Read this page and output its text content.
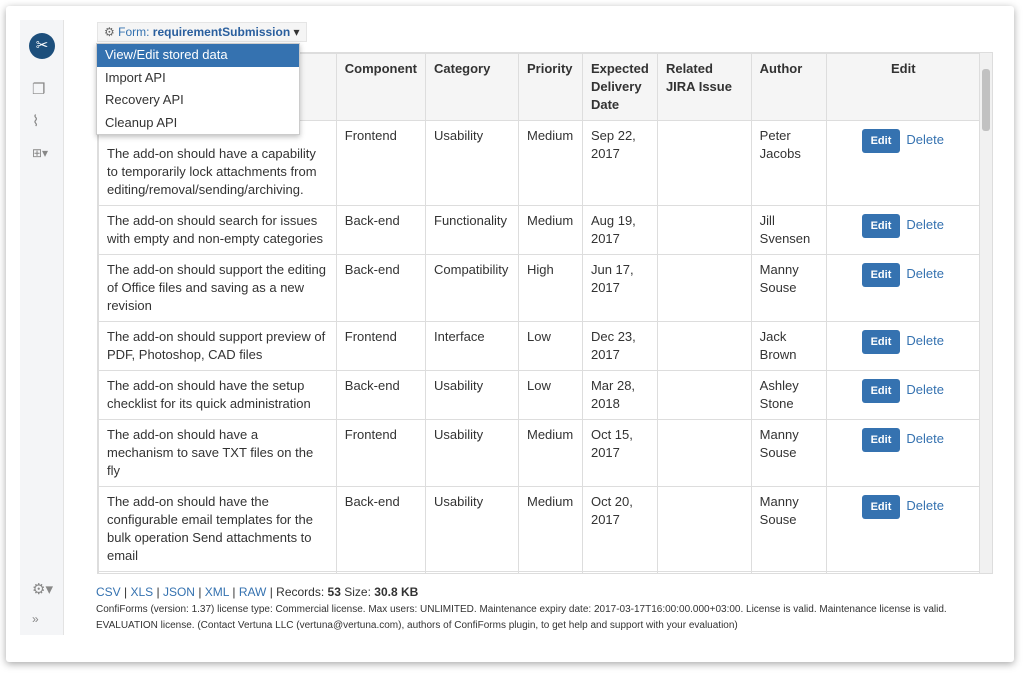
✂
❐
⌇
⊞▾
⚙▾
»
⚙ Form: requirementSubmission ▾
View/Edit stored data
Import API
Recovery API
Cleanup API
	Component	Category	Priority	Expected Delivery Date	Related JIRA Issue	Author	Edit
The add-on should have a capability to temporarily lock attachments from editing/removal/sending/archiving.	Frontend	Usability	Medium	Sep 22, 2017		Peter Jacobs	Edit Delete
The add-on should search for issues with empty and non-empty categories	Back-end	Functionality	Medium	Aug 19, 2017		Jill Svensen	Edit Delete
The add-on should support the editing of Office files and saving as a new revision	Back-end	Compatibility	High	Jun 17, 2017		Manny Souse	Edit Delete
The add-on should support preview of PDF, Photoshop, CAD files	Frontend	Interface	Low	Dec 23, 2017		Jack Brown	Edit Delete
The add-on should have the setup checklist for its quick administration	Back-end	Usability	Low	Mar 28, 2018		Ashley Stone	Edit Delete
The add-on should have a mechanism to save TXT files on the fly	Frontend	Usability	Medium	Oct 15, 2017		Manny Souse	Edit Delete
The add-on should have the configurable email templates for the bulk operation Send attachments to email	Back-end	Usability	Medium	Oct 20, 2017		Manny Souse	Edit Delete

CSV | XLS | JSON | XML | RAW | Records: 53 Size: 30.8 KB
ConfiForms (version: 1.37) license type: Commercial license. Max users: UNLIMITED. Maintenance expiry date: 2017-03-17T16:00:00.000+03:00. License is valid. Maintenance license is valid. EVALUATION license. (Contact Vertuna LLC (vertuna@vertuna.com), authors of ConfiForms plugin, to get help and support with your evaluation)
